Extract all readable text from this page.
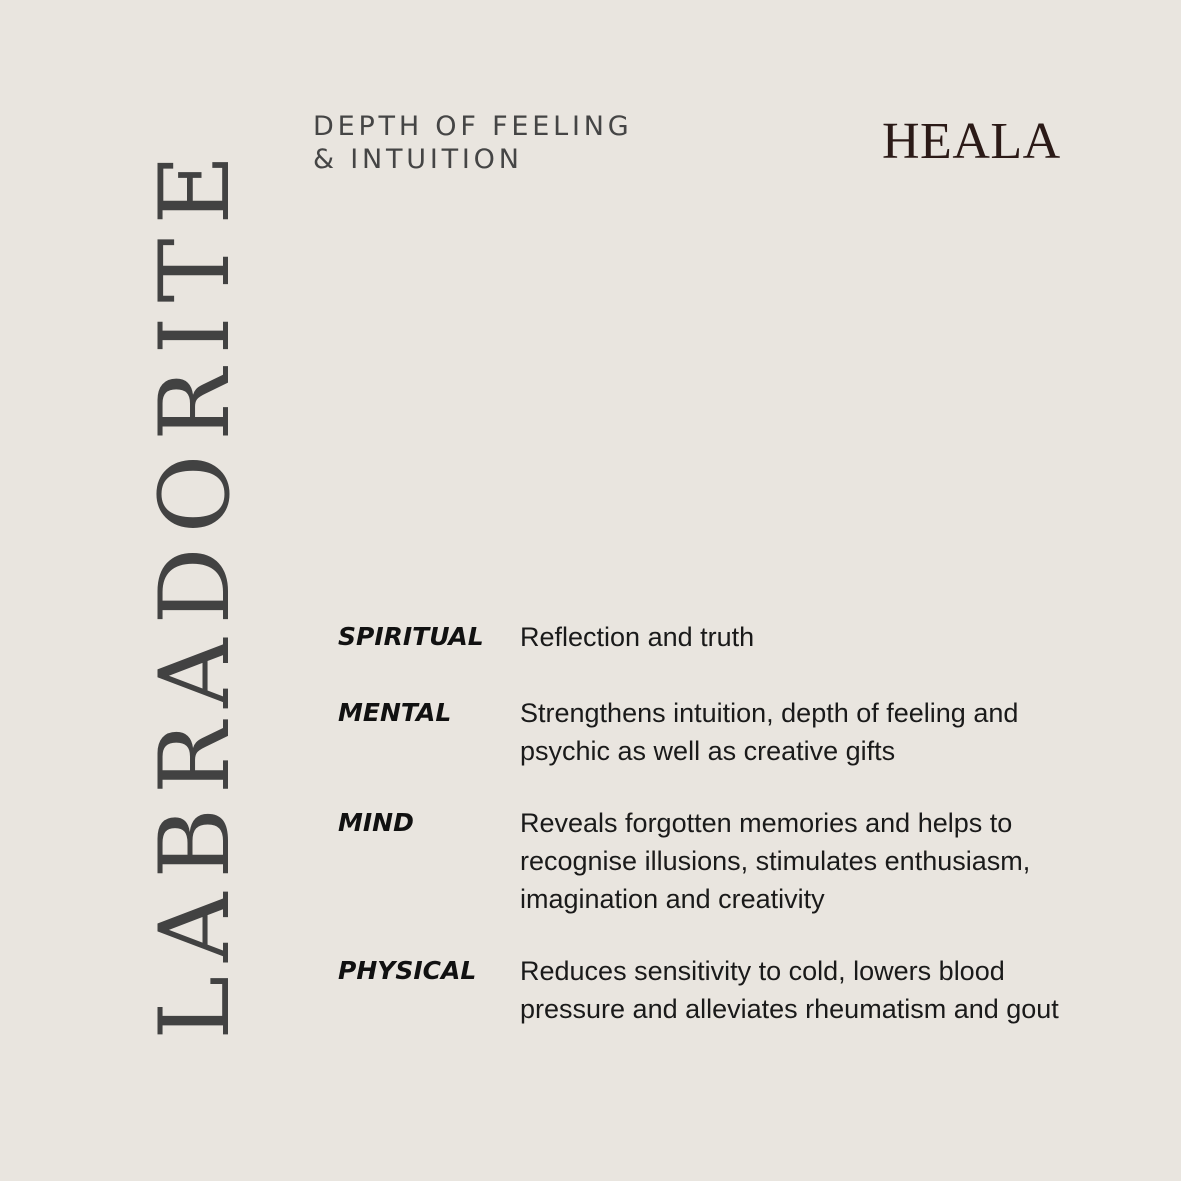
LABRADORITE
DEPTH OF FEELING
& INTUITION	HEALA
SPIRITUAL	Reflection and truth
MENTAL	Strengthens intuition, depth of feeling and psychic as well as creative gifts
MIND	Reveals forgotten memories and helps to recognise illusions, stimulates enthusiasm, imagination and creativity
PHYSICAL	Reduces sensitivity to cold, lowers blood pressure and alleviates rheumatism and gout
